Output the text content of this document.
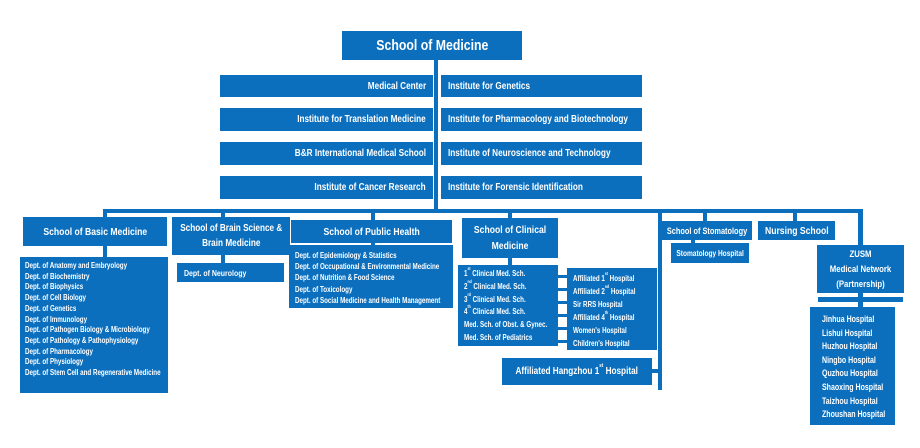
School of Medicine
Medical Center
Institute for Translation Medicine
B&R International Medical School
Institute of Cancer Research
Institute for Genetics
Institute for Pharmacology and Biotechnology
Institute of Neuroscience and Technology
Institute for Forensic Identification
School of Basic Medicine
Dept. of Anatomy and Embryology
Dept. of Biochemistry
Dept. of Biophysics
Dept. of Cell Biology
Dept. of Genetics
Dept. of Immunology
Dept. of Pathogen Biology & Microbiology
Dept. of Pathology & Pathophysiology
Dept. of Pharmacology
Dept. of Physiology
Dept. of Stem Cell and Regenerative Medicine
School of Brain Science &
Brain Medicine
Dept. of Neurology
School of Public Health
Dept. of Epidemiology & Statistics
Dept. of Occupational & Environmental Medicine
Dept. of Nutrition & Food Science
Dept. of Toxicology
Dept. of Social Medicine and Health Management
School of Clinical
Medicine
1st Clinical Med. Sch.
2nd Clinical Med. Sch.
3rd Clinical Med. Sch.
4th Clinical Med. Sch.
Med. Sch. of Obst. & Gynec.
Med. Sch. of Pediatrics
Affiliated 1st Hospital
Affiliated 2nd Hospital
Sir RRS Hospital
Affiliated 4th Hospital
Women's Hospital
Children's Hospital
Affiliated Hangzhou 1st Hospital
School of Stomatology
Stomatology Hospital
Nursing School
ZUSM
Medical Network
(Partnership)
Jinhua Hospital
Lishui Hospital
Huzhou Hospital
Ningbo Hospital
Quzhou Hospital
Shaoxing Hospital
Taizhou Hospital
Zhoushan Hospital
